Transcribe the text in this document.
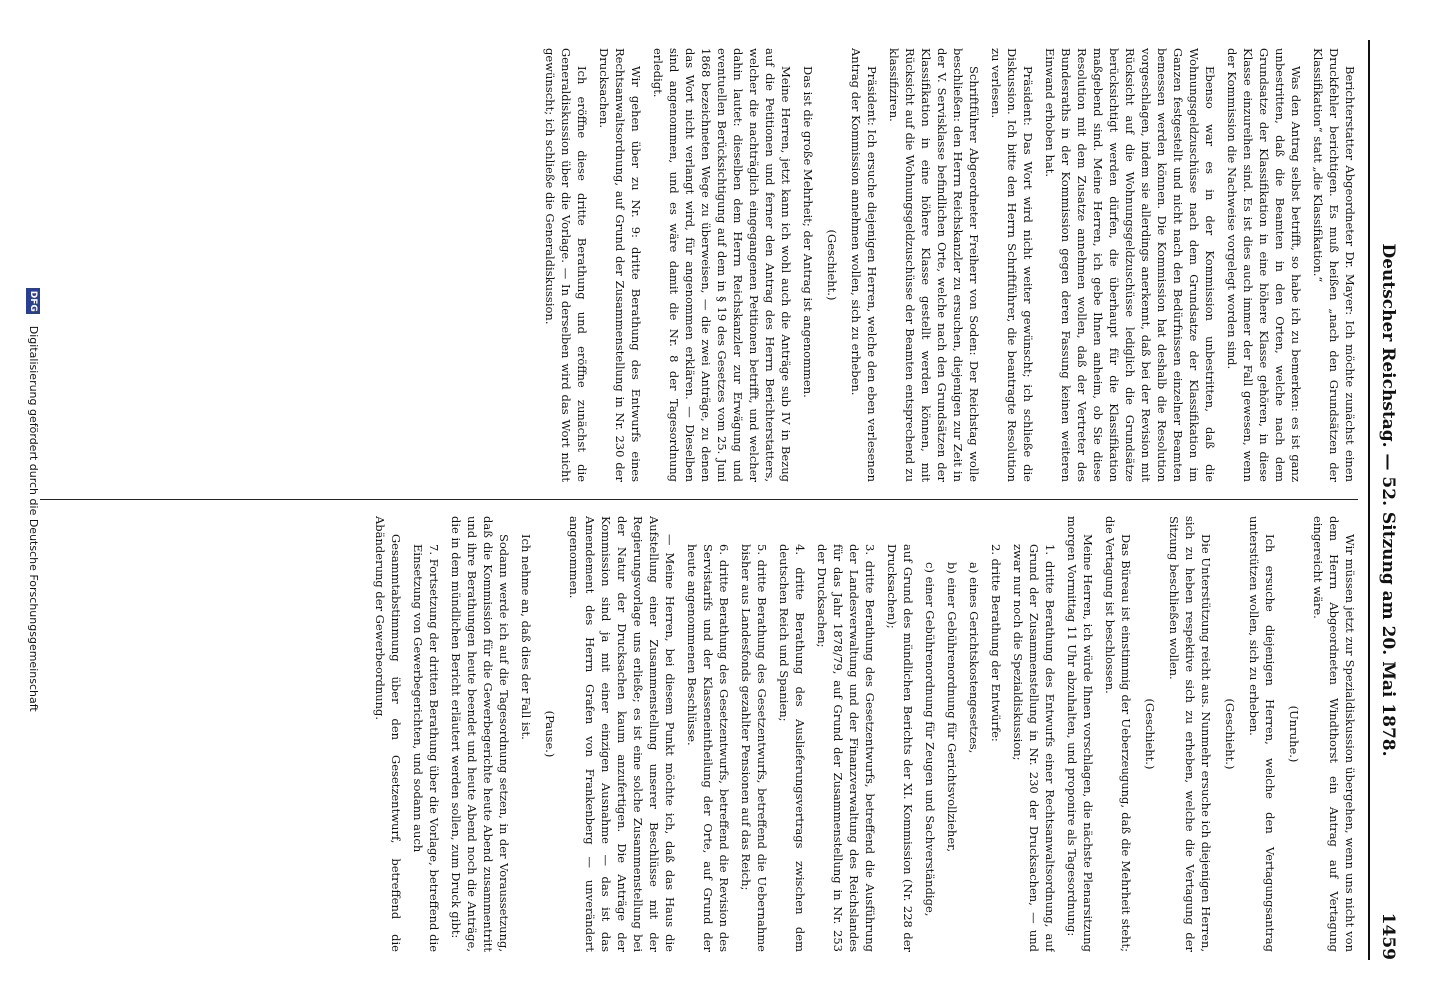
Deutscher Reichstag. — 52. Sitzung am 20. Mai 1878.
1459

Berichterstatter Abgeordneter Dr. Mayer: Ich möchte zunächst einen Druckfehler berichtigen. Es muß heißen „nach den Grundsätzen der Klassifikation“ statt „die Klassifikation.“

Was den Antrag selbst betrifft, so habe ich zu bemerken: es ist ganz unbestritten, daß die Beamten in den Orten, welche nach dem Grundsatze der Klassifikation in eine höhere Klasse gehören, in diese Klasse einzureihen sind. Es ist dies auch immer der Fall gewesen, wenn der Kommission die Nachweise vorgelegt worden sind.

Ebenso war es in der Kommission unbestritten, daß die Wohnungsgeldzuschüsse nach dem Grundsatze der Klassifikation im Ganzen festgestellt und nicht nach den Bedürfnissen einzelner Beamten bemessen werden können. Die Kommission hat deshalb die Resolution vorgeschlagen, indem sie allerdings anerkennt, daß bei der Revision mit Rücksicht auf die Wohnungsgeldzuschüsse lediglich die Grundsätze berücksichtigt werden dürfen, die überhaupt für die Klassifikation maßgebend sind. Meine Herren, ich gebe Ihnen anheim, ob Sie diese Resolution mit dem Zusatze annehmen wollen, daß der Vertreter des Bundesraths in der Kommission gegen deren Fassung keinen weiteren Einwand erhoben hat.

Präsident: Das Wort wird nicht weiter gewünscht; ich schließe die Diskussion. Ich bitte den Herrn Schriftführer, die beantragte Resolution zu verlesen.

Schriftführer Abgeordneter Freiherr von Soden: Der Reichstag wolle beschließen: den Herrn Reichskanzler zu ersuchen, diejenigen zur Zeit in der V. Servisklasse befindlichen Orte, welche nach den Grundsätzen der Klassifikation in eine höhere Klasse gestellt werden können, mit Rücksicht auf die Wohnungsgeldzuschüsse der Beamten entsprechend zu klassifiziren.

Präsident: Ich ersuche diejenigen Herren, welche den eben verlesenen Antrag der Kommission annehmen wollen, sich zu erheben.

(Geschieht.)

Das ist die große Mehrheit; der Antrag ist angenommen.

Meine Herren, jetzt kann ich wohl auch die Anträge sub IV in Bezug auf die Petitionen und ferner den Antrag des Herrn Berichterstatters, welcher die nachträglich eingegangenen Petitionen betrifft, und welcher dahin lautet: dieselben dem Herrn Reichskanzler zur Erwägung und eventuellen Berücksichtigung auf dem in § 19 des Gesetzes vom 25. Juni 1868 bezeichneten Wege zu überweisen, — die zwei Anträge, zu denen das Wort nicht verlangt wird, für angenommen erklären. — Dieselben sind angenommen, und es wäre damit die Nr. 8 der Tagesordnung erledigt.

Wir gehen über zu Nr. 9: dritte Berathung des Entwurfs eines Rechtsanwaltsordnung, auf Grund der Zusammenstellung in Nr. 230 der Drucksachen.

Ich eröffne diese dritte Berathung und eröffne zunächst die Generaldiskussion über die Vorlage. — In derselben wird das Wort nicht gewünscht; ich schließe die Generaldiskussion.

Wir müssen jetzt zur Spezialdiskussion übergehen, wenn uns nicht von dem Herrn Abgeordneten Windthorst ein Antrag auf Vertagung eingereicht wäre.

(Unruhe.)

Ich ersuche diejenigen Herren, welche den Vertagungsantrag unterstützen wollen, sich zu erheben.

(Geschieht.)

Die Unterstützung reicht aus. Nunmehr ersuche ich diejenigen Herren, sich zu heben respektive sich zu erheben, welche die Vertagung der Sitzung beschließen wollen.

(Geschieht.)

Das Büreau ist einstimmig der Ueberzeugung, daß die Mehrheit steht; die Vertagung ist beschlossen.

Meine Herren, ich würde Ihnen vorschlagen, die nächste Plenarsitzung morgen Vormittag 11 Uhr abzuhalten, und proponire als Tagesordnung:

1. dritte Berathung des Entwurfs einer Rechtsanwaltsordnung, auf Grund der Zusammenstellung in Nr. 230 der Drucksachen, — und zwar nur noch die Spezialdiskussion;

2. dritte Berathung der Entwürfe:

a) eines Gerichtskostengesetzes,

b) einer Gebührenordnung für Gerichtsvollzieher,

c) einer Gebührenordnung für Zeugen und Sachverständige,

auf Grund des mündlichen Berichts der XI. Kommission (Nr. 228 der Drucksachen);

3. dritte Berathung des Gesetzentwurfs, betreffend die Ausführung der Landesverwaltung und der Finanzverwaltung des Reichslandes für das Jahr 1878/79, auf Grund der Zusammenstellung in Nr. 253 der Drucksachen;

4. dritte Berathung des Auslieferungsvertrags zwischen dem deutschen Reich und Spanien;

5. dritte Berathung des Gesetzentwurfs, betreffend die Uebernahme bisher aus Landesfonds gezahlter Pensionen auf das Reich;

6. dritte Berathung des Gesetzentwurfs, betreffend die Revision des Servistarifs und der Klasseneintheilung der Orte, auf Grund der heute angenommenen Beschlüsse.

— Meine Herren, bei diesem Punkt möchte ich, daß das Haus die Aufstellung einer Zusammenstellung unserer Beschlüsse mit der Regierungsvorlage uns erließe; es ist eine solche Zusammenstellung bei der Natur der Drucksachen kaum anzufertigen. Die Anträge der Kommission sind ja mit einer einzigen Ausnahme — das ist das Amendement des Herrn Grafen von Frankenberg — unverändert angenommen.

(Pause.)

Ich nehme an, daß dies der Fall ist.

Sodann werde ich auf die Tagesordnung setzen, in der Voraussetzung, daß die Kommission für die Gewerbegerichte heute Abend zusammentritt und ihre Berathungen heute beendet und heute Abend noch die Anträge, die in dem mündlichen Bericht erläutert werden sollen, zum Druck gibt:

7. Fortsetzung der dritten Berathung über die Vorlage, betreffend die Einsetzung von Gewerbegerichten, und sodann auch

Gesammtabstimmung über den Gesetzentwurf, betreffend die Abänderung der Gewerbeordnung.

DFG Digitalisierung gefördert durch die Deutsche Forschungsgemeinschaft
